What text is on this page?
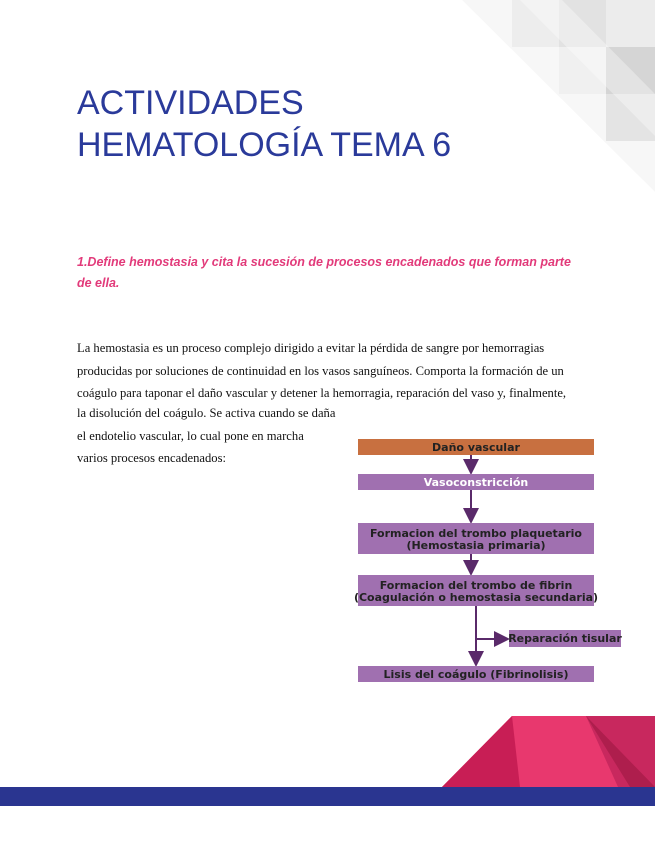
ACTIVIDADES
HEMATOLOGÍA TEMA 6

1.Define hemostasia y cita la sucesión de procesos encadenados que forman parte de ella.

La hemostasia es un proceso complejo dirigido a evitar la pérdida de sangre por hemorragias producidas por soluciones de continuidad en los vasos sanguíneos. Comporta la formación de un coágulo para taponar el daño vascular y detener la hemorragia, reparación del vaso y, finalmente,

la disolución del coágulo. Se activa cuando se daña el endotelio vascular, lo cual pone en marcha varios procesos encadenados:

Daño vascular
Vasoconstricción
Formacion del trombo plaquetario
(Hemostasia primaria)
Formacion del trombo de fibrin
(Coagulación o hemostasia secundaria)
Reparación tisular
Lisis del coágulo (Fibrinolisis)
